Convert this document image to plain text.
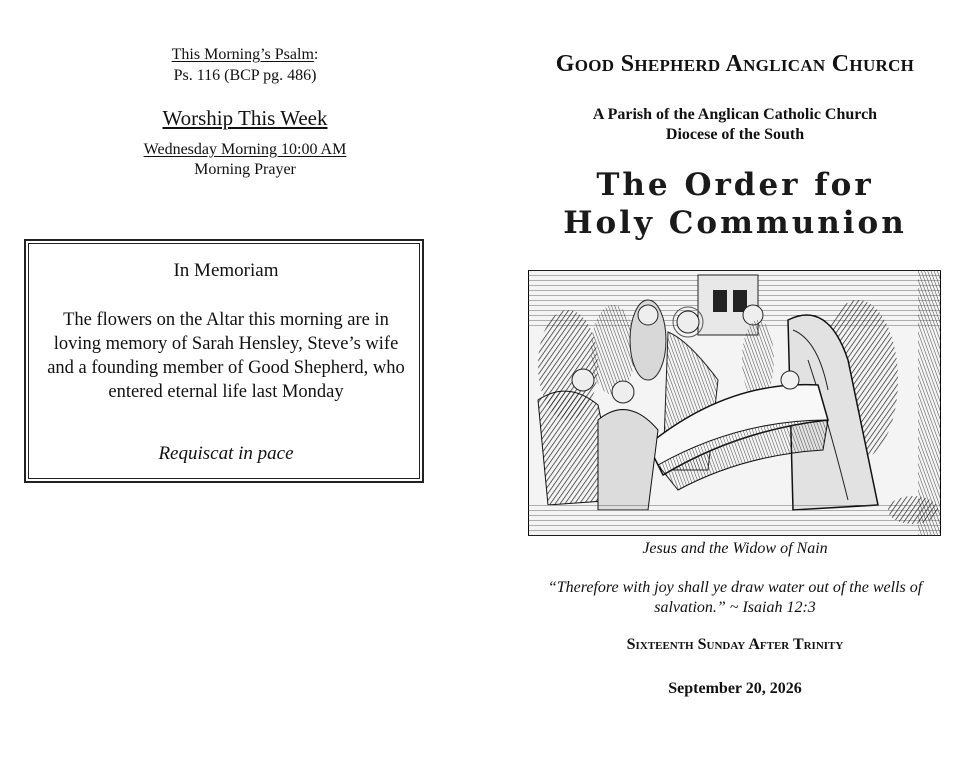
This Morning’s Psalm:
Ps. 116 (BCP pg. 486)
Worship This Week
Wednesday Morning 10:00 AM
Morning Prayer
In Memoriam
The flowers on the Altar this morning are in loving memory of Sarah Hensley, Steve’s wife and a founding member of Good Shepherd, who entered eternal life last Monday
Requiscat in pace
Good Shepherd Anglican Church
A Parish of the Anglican Catholic Church
Diocese of the South
The Order for
Holy Communion
Jesus and the Widow of Nain
“Therefore with joy shall ye draw water out of the wells of salvation.” ~ Isaiah 12:3
Sixteenth Sunday After Trinity
September 20, 2026
